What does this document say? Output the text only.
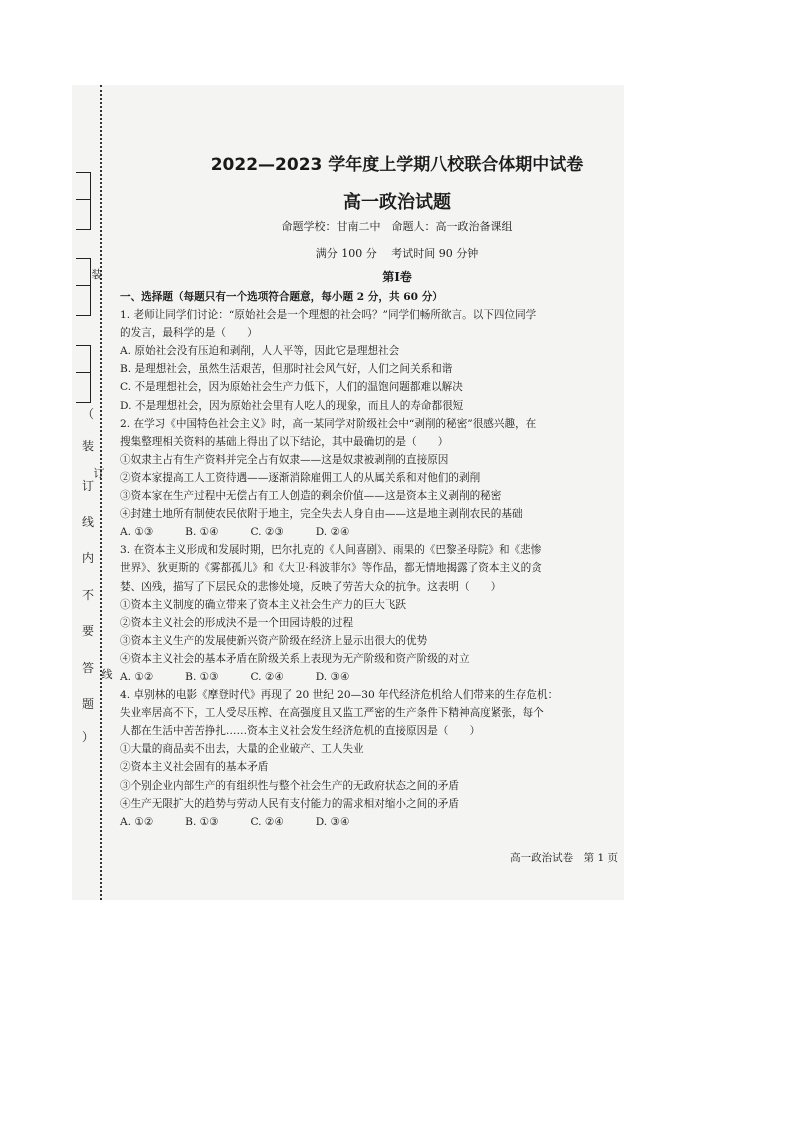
装
订
线
（
装
订
线
内
不
要
答
题
）
2022—2023 学年度上学期八校联合体期中试卷
高一政治试题
命题学校：甘南二中　命题人：高一政治备课组
满分 100 分　 考试时间 90 分钟
第Ⅰ卷

一、选择题（每题只有一个选项符合题意，每小题 2 分，共 60 分）

1. 老师让同学们讨论：“原始社会是一个理想的社会吗？”同学们畅所欲言。以下四位同学

的发言，最科学的是（　　）

A. 原始社会没有压迫和剥削，人人平等，因此它是理想社会

B. 是理想社会，虽然生活艰苦，但那时社会风气好，人们之间关系和谐

C. 不是理想社会，因为原始社会生产力低下，人们的温饱问题都难以解决

D. 不是理想社会，因为原始社会里有人吃人的现象，而且人的寿命都很短

2. 在学习《中国特色社会主义》时，高一某同学对阶级社会中“剥削的秘密”很感兴趣，在

搜集整理相关资料的基础上得出了以下结论，其中最确切的是（　　）

①奴隶主占有生产资料并完全占有奴隶——这是奴隶被剥削的直接原因

②资本家提高工人工资待遇——逐渐消除雇佣工人的从属关系和对他们的剥削

③资本家在生产过程中无偿占有工人创造的剩余价值——这是资本主义剥削的秘密

④封建土地所有制使农民依附于地主，完全失去人身自由——这是地主剥削农民的基础

A. ①③　　　B. ①④　　　C. ②③　　　D. ②④

3. 在资本主义形成和发展时期，巴尔扎克的《人间喜剧》、雨果的《巴黎圣母院》和《悲惨

世界》、狄更斯的《雾都孤儿》和《大卫·科波菲尔》等作品，都无情地揭露了资本主义的贪

婪、凶残，描写了下层民众的悲惨处境，反映了劳苦大众的抗争。这表明（　　）

①资本主义制度的确立带来了资本主义社会生产力的巨大飞跃

②资本主义社会的形成決不是一个田园诗般的过程

③资本主义生产的发展使新兴资产阶级在经济上显示出很大的优势

④资本主义社会的基本矛盾在阶级关系上表现为无产阶级和资产阶级的对立

A. ①②　　　B. ①③　　　C. ②④　　　D. ③④

4. 卓别林的电影《摩登时代》再现了 20 世纪 20—30 年代经济危机给人们带来的生存危机：

失业率居高不下，工人受尽压榨、在高强度且又监工严密的生产条件下精神高度紧张，每个

人都在生活中苦苦挣扎……资本主义社会发生经济危机的直接原因是（　　）

①大量的商品卖不出去，大量的企业破产、工人失业

②资本主义社会固有的基本矛盾

③个别企业内部生产的有组织性与整个社会生产的无政府状态之间的矛盾

④生产无限扩大的趋势与劳动人民有支付能力的需求相对缩小之间的矛盾

A. ①②　　　B. ①③　　　C. ②④　　　D. ③④

高一政治试卷　第 1 页
